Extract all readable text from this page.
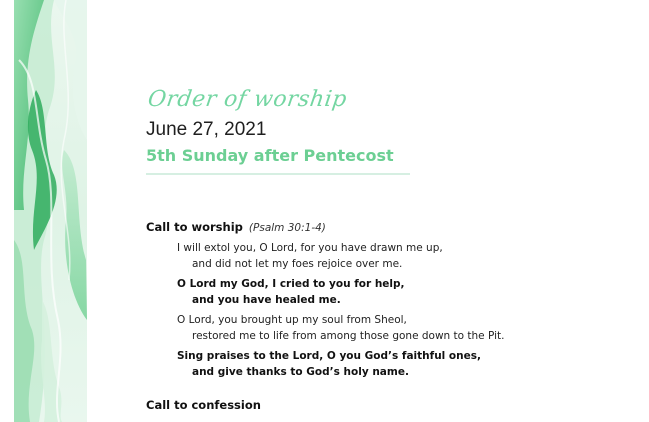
Order of worship
June 27, 2021
5th Sunday after Pentecost
Call to worship (Psalm 30:1-4)
I will extol you, O Lord, for you have drawn me up,
and did not let my foes rejoice over me.
O Lord my God, I cried to you for help,
and you have healed me.
O Lord, you brought up my soul from Sheol,
restored me to life from among those gone down to the Pit.
Sing praises to the Lord, O you God’s faithful ones,
and give thanks to God’s holy name.
Call to confession
